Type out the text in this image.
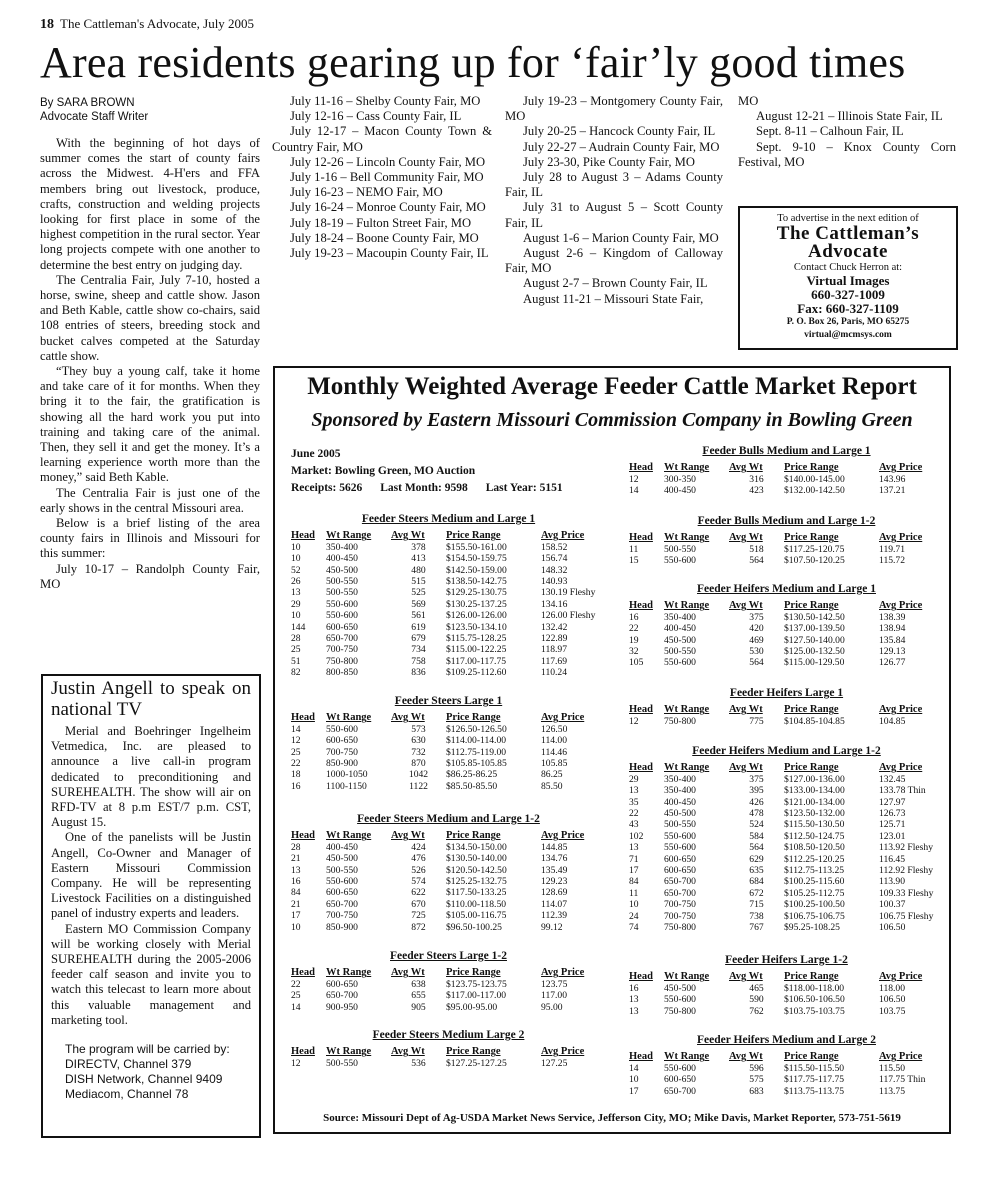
18 The Cattleman's Advocate, July 2005
Area residents gearing up for ‘fair’ly good times
By SARA BROWN
Advocate Staff Writer

With the beginning of hot days of summer comes the start of county fairs across the Midwest. 4-H'ers and FFA members bring out livestock, produce, crafts, construction and welding projects looking for first place in some of the highest competition in the rural sector. Year long projects compete with one another to determine the best entry on judging day.

The Centralia Fair, July 7-10, hosted a horse, swine, sheep and cattle show. Jason and Beth Kable, cattle show co-chairs, said 108 entries of steers, breeding stock and bucket calves competed at the Saturday cattle show.

“They buy a young calf, take it home and take care of it for months. When they bring it to the fair, the gratification is showing all the hard work you put into training and taking care of the animal. Then, they sell it and get the money. It’s a learning experience worth more than the money,” said Beth Kable.

The Centralia Fair is just one of the early shows in the central Missouri area.

Below is a brief listing of the area county fairs in Illinois and Missouri for this summer:

July 10-17 – Randolph County Fair, MO

July 11-16 – Shelby County Fair, MO

July 12-16 – Cass County Fair, IL

July 12-17 – Macon County Town & Country Fair, MO

July 12-26 – Lincoln County Fair, MO

July 1-16 – Bell Community Fair, MO

July 16-23 – NEMO Fair, MO

July 16-24 – Monroe County Fair, MO

July 18-19 – Fulton Street Fair, MO

July 18-24 – Boone County Fair, MO

July 19-23 – Macoupin County Fair, IL

July 19-23 – Montgomery County Fair, MO

July 20-25 – Hancock County Fair, IL

July 22-27 – Audrain County Fair, MO

July 23-30, Pike County Fair, MO

July 28 to August 3 – Adams County Fair, IL

July 31 to August 5 – Scott County Fair, IL

August 1-6 – Marion County Fair, MO

August 2-6 – Kingdom of Calloway Fair, MO

August 2-7 – Brown County Fair, IL

August 11-21 – Missouri State Fair,

MO

August 12-21 – Illinois State Fair, IL

Sept. 8-11 – Calhoun Fair, IL

Sept. 9-10 – Knox County Corn Festival, MO

To advertise in the next edition of
The Cattleman’s
Advocate
Contact Chuck Herron at:
Virtual Images
660-327-1009
Fax: 660-327-1109
P. O. Box 26, Paris, MO 65275
virtual@mcmsys.com
Justin Angell to speak on national TV

Merial and Boehringer Ingelheim Vetmedica, Inc. are pleased to announce a live call-in program dedicated to preconditioning and SUREHEALTH. The show will air on RFD-TV at 8 p.m EST/7 p.m. CST, August 15.

One of the panelists will be Justin Angell, Co-Owner and Manager of Eastern Missouri Commission Company. He will be representing Livestock Facilities on a distinguished panel of industry experts and leaders.

Eastern MO Commission Company will be working closely with Merial SUREHEALTH during the 2005-2006 feeder calf season and invite you to watch this telecast to learn more about this valuable management and marketing tool.

The program will be carried by:
DIRECTV, Channel 379
DISH Network, Channel 9409
Mediacom, Channel 78
Monthly Weighted Average Feeder Cattle Market Report
Sponsored by Eastern Missouri Commission Company in Bowling Green
June 2005
Market: Bowling Green, MO Auction
Receipts: 5626 Last Month: 9598 Last Year: 5151
Feeder Steers Medium and Large 1
Head	Wt Range	Avg Wt	Price Range	Avg Price
10	350-400	378	$155.50-161.00	158.52
10	400-450	413	$154.50-159.75	156.74
52	450-500	480	$142.50-159.00	148.32
26	500-550	515	$138.50-142.75	140.93
13	500-550	525	$129.25-130.75	130.19 Fleshy
29	550-600	569	$130.25-137.25	134.16
10	550-600	561	$126.00-126.00	126.00 Fleshy
144	600-650	619	$123.50-134.10	132.42
28	650-700	679	$115.75-128.25	122.89
25	700-750	734	$115.00-122.25	118.97
51	750-800	758	$117.00-117.75	117.69
82	800-850	836	$109.25-112.60	110.24
Feeder Steers Large 1
Head	Wt Range	Avg Wt	Price Range	Avg Price
14	550-600	573	$126.50-126.50	126.50
12	600-650	630	$114.00-114.00	114.00
25	700-750	732	$112.75-119.00	114.46
22	850-900	870	$105.85-105.85	105.85
18	1000-1050	1042	$86.25-86.25	86.25
16	1100-1150	1122	$85.50-85.50	85.50
Feeder Steers Medium and Large 1-2
Head	Wt Range	Avg Wt	Price Range	Avg Price
28	400-450	424	$134.50-150.00	144.85
21	450-500	476	$130.50-140.00	134.76
13	500-550	526	$120.50-142.50	135.49
16	550-600	574	$125.25-132.75	129.23
84	600-650	622	$117.50-133.25	128.69
21	650-700	670	$110.00-118.50	114.07
17	700-750	725	$105.00-116.75	112.39
10	850-900	872	$96.50-100.25	99.12
Feeder Steers Large 1-2
Head	Wt Range	Avg Wt	Price Range	Avg Price
22	600-650	638	$123.75-123.75	123.75
25	650-700	655	$117.00-117.00	117.00
14	900-950	905	$95.00-95.00	95.00
Feeder Steers Medium Large 2
Head	Wt Range	Avg Wt	Price Range	Avg Price
12	500-550	536	$127.25-127.25	127.25
Feeder Bulls Medium and Large 1
Head	Wt Range	Avg Wt	Price Range	Avg Price
12	300-350	316	$140.00-145.00	143.96
14	400-450	423	$132.00-142.50	137.21
Feeder Bulls Medium and Large 1-2
Head	Wt Range	Avg Wt	Price Range	Avg Price
11	500-550	518	$117.25-120.75	119.71
15	550-600	564	$107.50-120.25	115.72
Feeder Heifers Medium and Large 1
Head	Wt Range	Avg Wt	Price Range	Avg Price
16	350-400	375	$130.50-142.50	138.39
22	400-450	420	$137.00-139.50	138.94
19	450-500	469	$127.50-140.00	135.84
32	500-550	530	$125.00-132.50	129.13
105	550-600	564	$115.00-129.50	126.77
Feeder Heifers Large 1
Head	Wt Range	Avg Wt	Price Range	Avg Price
12	750-800	775	$104.85-104.85	104.85
Feeder Heifers Medium and Large 1-2
Head	Wt Range	Avg Wt	Price Range	Avg Price
29	350-400	375	$127.00-136.00	132.45
13	350-400	395	$133.00-134.00	133.78 Thin
35	400-450	426	$121.00-134.00	127.97
22	450-500	478	$123.50-132.00	126.73
43	500-550	524	$115.50-130.50	125.71
102	550-600	584	$112.50-124.75	123.01
13	550-600	564	$108.50-120.50	113.92 Fleshy
71	600-650	629	$112.25-120.25	116.45
17	600-650	635	$112.75-113.25	112.92 Fleshy
84	650-700	684	$100.25-115.60	113.90
11	650-700	672	$105.25-112.75	109.33 Fleshy
10	700-750	715	$100.25-100.50	100.37
24	700-750	738	$106.75-106.75	106.75 Fleshy
74	750-800	767	$95.25-108.25	106.50
Feeder Heifers Large 1-2
Head	Wt Range	Avg Wt	Price Range	Avg Price
16	450-500	465	$118.00-118.00	118.00
13	550-600	590	$106.50-106.50	106.50
13	750-800	762	$103.75-103.75	103.75
Feeder Heifers Medium and Large 2
Head	Wt Range	Avg Wt	Price Range	Avg Price
14	550-600	596	$115.50-115.50	115.50
10	600-650	575	$117.75-117.75	117.75 Thin
17	650-700	683	$113.75-113.75	113.75
Source: Missouri Dept of Ag-USDA Market News Service, Jefferson City, MO; Mike Davis, Market Reporter, 573-751-5619
